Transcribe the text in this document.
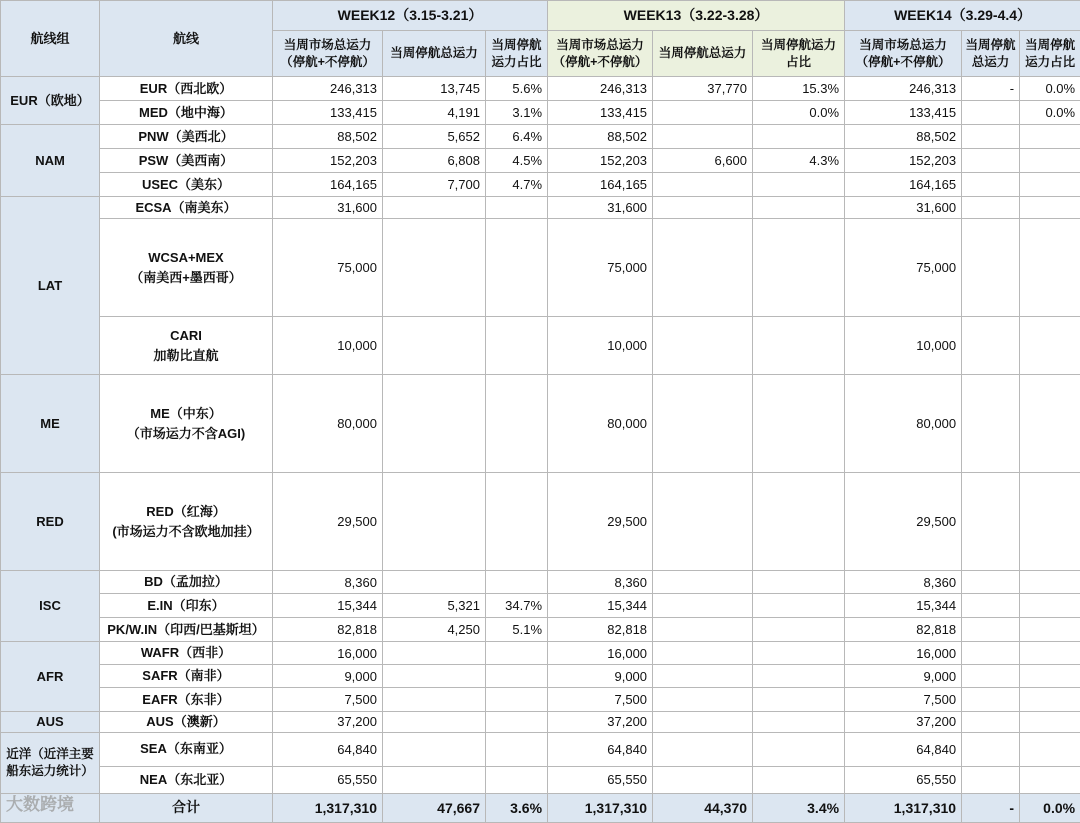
航线组	航线	WEEK12（3.15-3.21）			WEEK13（3.22-3.28）			WEEK14（3.29-4.4）		
		当周市场总运力（停航+不停航）	当周停航总运力	当周停航运力占比	当周市场总运力（停航+不停航）	当周停航总运力	当周停航运力占比	当周市场总运力（停航+不停航）	当周停航总运力	当周停航运力占比
EUR（欧地）	EUR（西北欧）	246,313	13,745	5.6%	246,313	37,770	15.3%	246,313	-	0.0%
	MED（地中海）	133,415	4,191	3.1%	133,415		0.0%	133,415		0.0%
NAM	PNW（美西北）	88,502	5,652	6.4%	88,502			88,502		
	PSW（美西南）	152,203	6,808	4.5%	152,203	6,600	4.3%	152,203		
	USEC（美东）	164,165	7,700	4.7%	164,165			164,165		
LAT	ECSA（南美东）	31,600			31,600			31,600		

	WCSA+MEX
（南美西+墨西哥）	75,000			75,000			75,000		

	CARI
加勒比直航	10,000			10,000			10,000		
ME	ME（中东）
（市场运力不含AGI)	80,000			80,000			80,000		
RED	RED（红海）
(市场运力不含欧地加挂）	29,500			29,500			29,500		
ISC	BD（孟加拉）	8,360			8,360			8,360		
	E.IN（印东）	15,344	5,321	34.7%	15,344			15,344		
	PK/W.IN（印西/巴基斯坦）	82,818	4,250	5.1%	82,818			82,818		
AFR	WAFR（西非）	16,000			16,000			16,000		
	SAFR（南非）	9,000			9,000			9,000		
	EAFR（东非）	7,500			7,500			7,500		
AUS	AUS（澳新）	37,200			37,200			37,200		
近洋（近洋主要船东运力统计）	SEA（东南亚）	64,840			64,840			64,840		
	NEA（东北亚）	65,550			65,550			65,550		
	合计	1,317,310	47,667	3.6%	1,317,310	44,370	3.4%	1,317,310	-	0.0%
大数跨境
